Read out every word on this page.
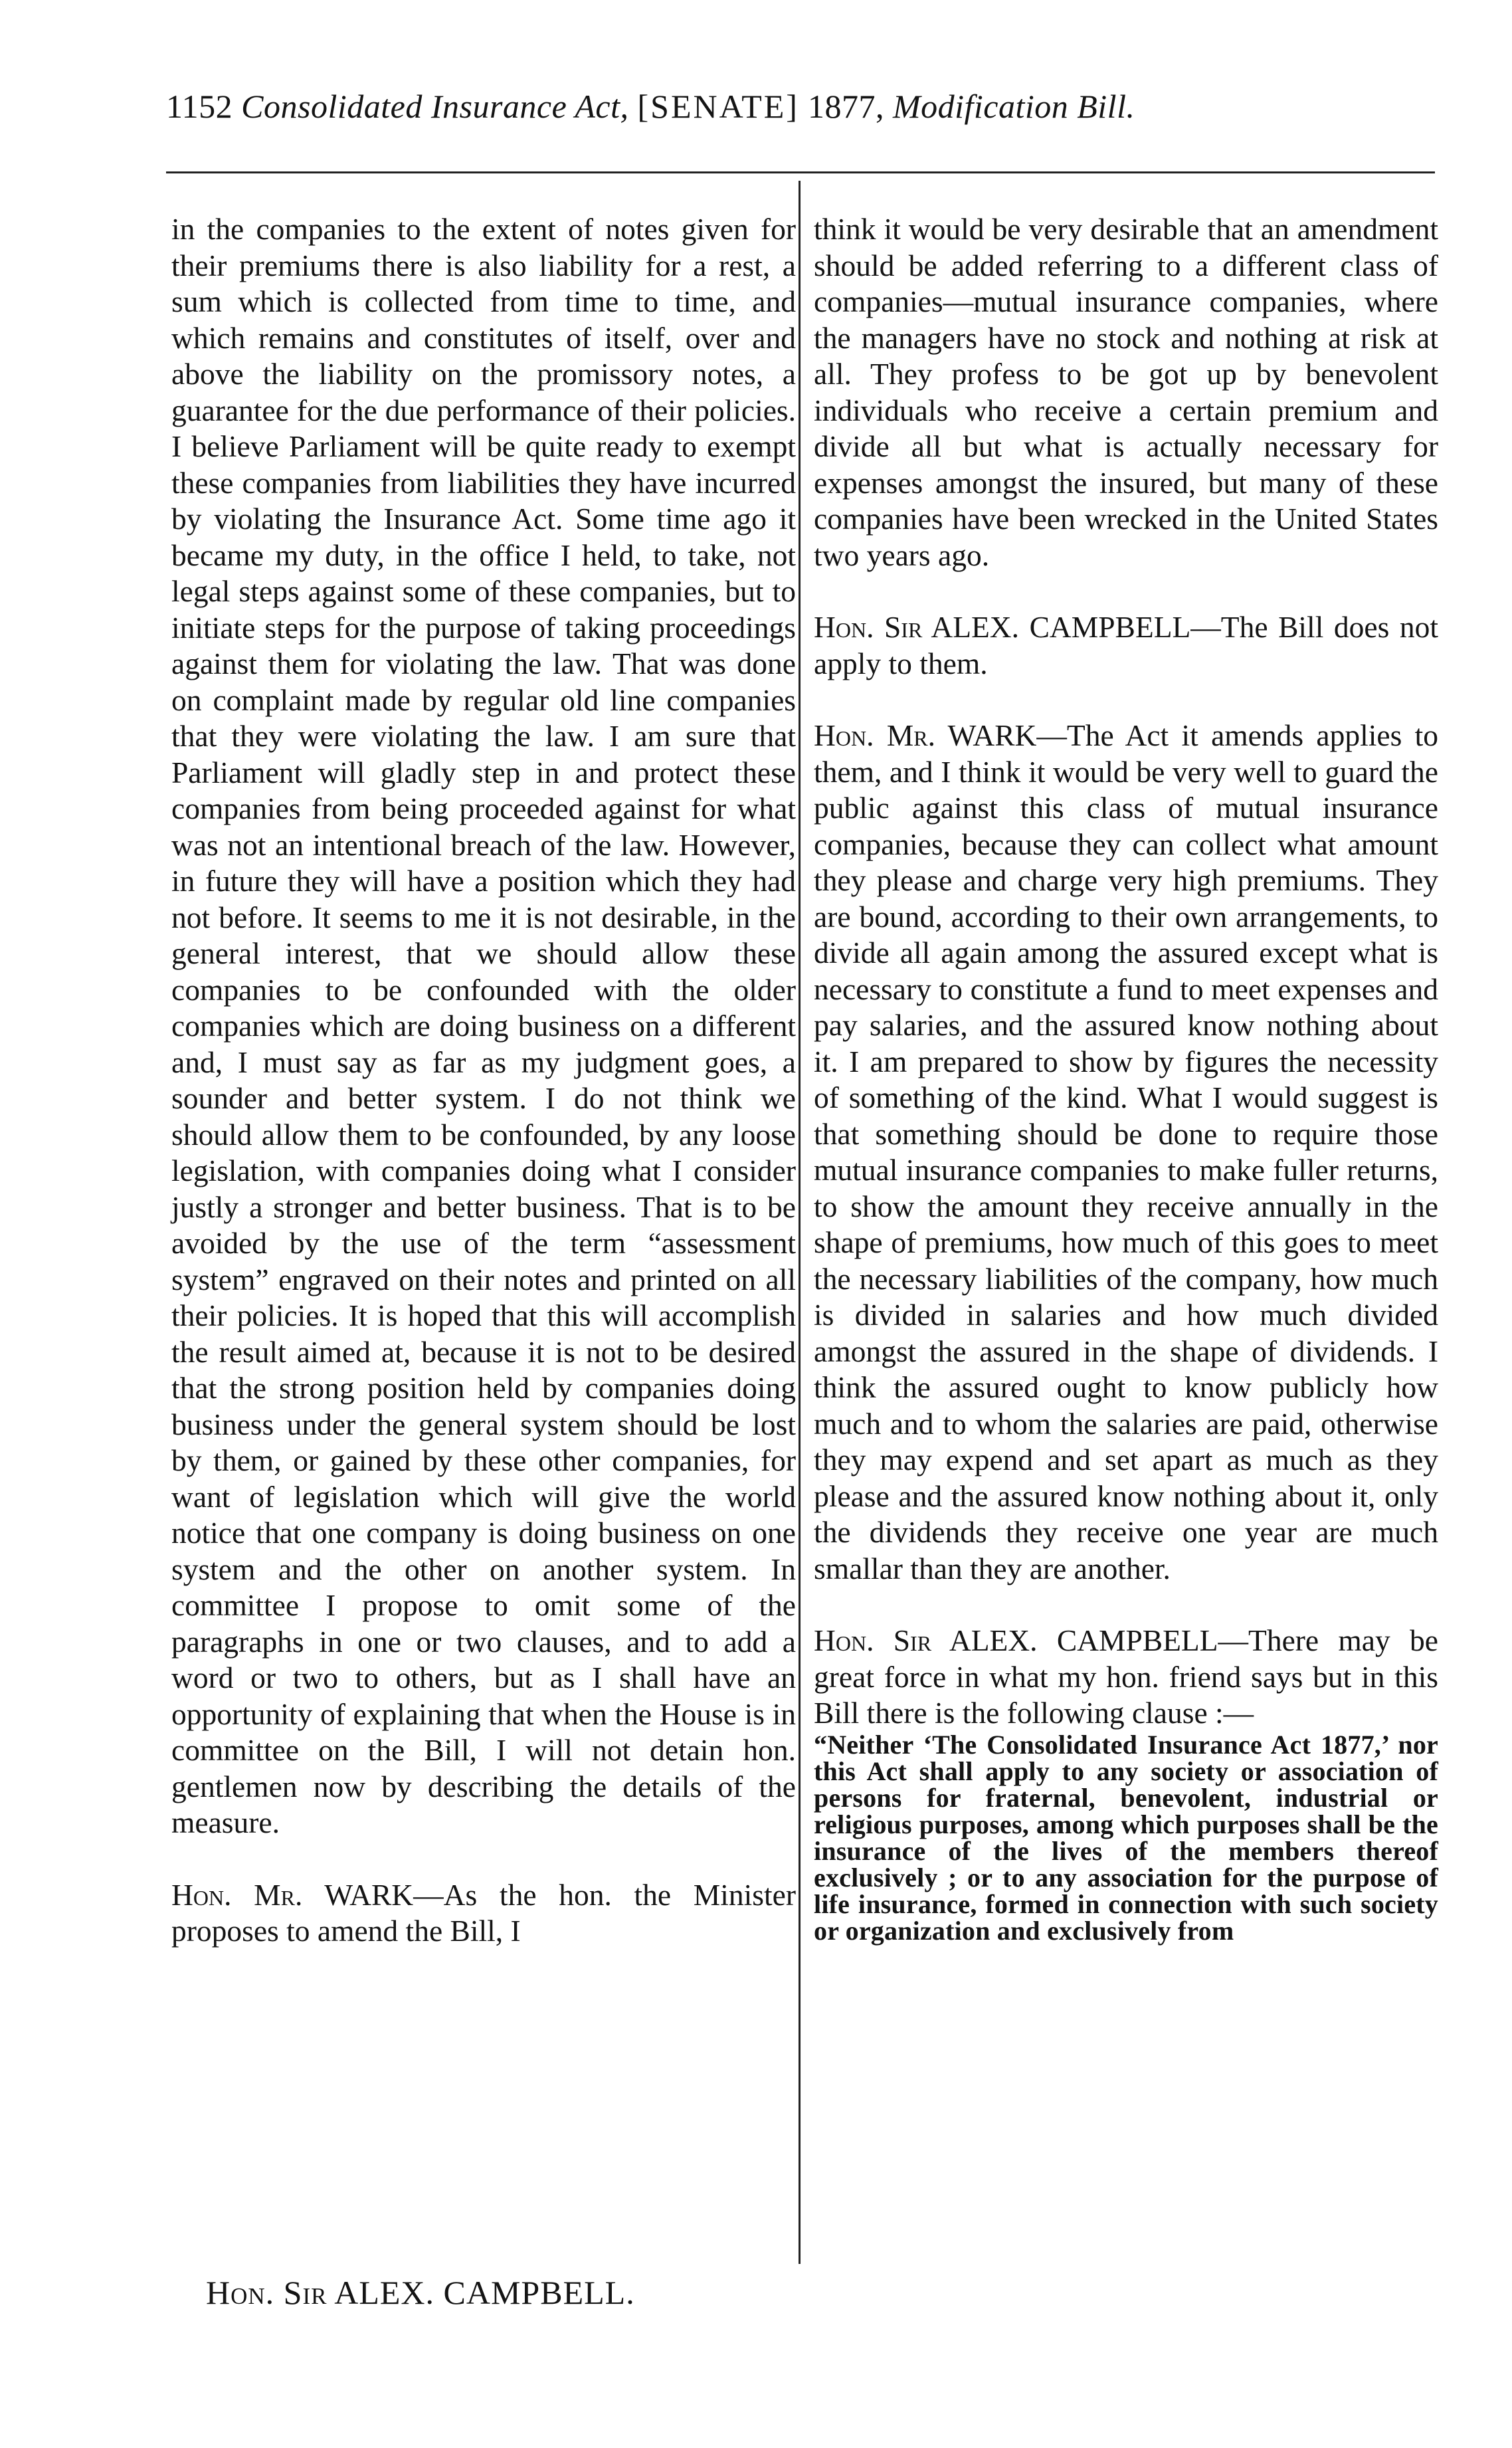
1152 Consolidated Insurance Act, [SENATE] 1877, Modification Bill.

in the companies to the extent of notes given for their premiums there is also liability for a rest, a sum which is collected from time to time, and which remains and constitutes of itself, over and above the liability on the promissory notes, a guarantee for the due performance of their policies. I believe Parliament will be quite ready to exempt these companies from liabilities they have incurred by violating the Insurance Act. Some time ago it became my duty, in the office I held, to take, not legal steps against some of these companies, but to initiate steps for the purpose of taking proceedings against them for violating the law. That was done on complaint made by regular old line companies that they were violating the law. I am sure that Parliament will gladly step in and protect these companies from being proceeded against for what was not an intentional breach of the law. However, in future they will have a position which they had not before. It seems to me it is not desirable, in the general interest, that we should allow these companies to be confounded with the older companies which are doing business on a different and, I must say as far as my judgment goes, a sounder and better system. I do not think we should allow them to be confounded, by any loose legislation, with companies doing what I consider justly a stronger and better business. That is to be avoided by the use of the term “assessment system” engraved on their notes and printed on all their policies. It is hoped that this will accomplish the result aimed at, because it is not to be desired that the strong position held by companies doing business under the general system should be lost by them, or gained by these other companies, for want of legislation which will give the world notice that one company is doing business on one system and the other on another system. In committee I propose to omit some of the paragraphs in one or two clauses, and to add a word or two to others, but as I shall have an opportunity of explaining that when the House is in committee on the Bill, I will not detain hon. gentlemen now by describing the details of the measure.

Hon. Mr. WARK—As the hon. the Minister proposes to amend the Bill, I

think it would be very desirable that an amendment should be added referring to a different class of companies—mutual insurance companies, where the managers have no stock and nothing at risk at all. They profess to be got up by benevolent individuals who receive a certain premium and divide all but what is actually necessary for expenses amongst the insured, but many of these companies have been wrecked in the United States two years ago.

Hon. Sir ALEX. CAMPBELL—The Bill does not apply to them.

Hon. Mr. WARK—The Act it amends applies to them, and I think it would be very well to guard the public against this class of mutual insurance companies, because they can collect what amount they please and charge very high premiums. They are bound, according to their own arrangements, to divide all again among the assured except what is necessary to constitute a fund to meet expenses and pay salaries, and the assured know nothing about it. I am prepared to show by figures the necessity of something of the kind. What I would suggest is that something should be done to require those mutual insurance companies to make fuller returns, to show the amount they receive annually in the shape of premiums, how much of this goes to meet the necessary liabilities of the company, how much is divided in salaries and how much divided amongst the assured in the shape of dividends. I think the assured ought to know publicly how much and to whom the salaries are paid, otherwise they may expend and set apart as much as they please and the assured know nothing about it, only the dividends they receive one year are much smallar than they are another.

Hon. Sir ALEX. CAMPBELL—There may be great force in what my hon. friend says but in this Bill there is the following clause :—

“Neither ‘The Consolidated Insurance Act 1877,’ nor this Act shall apply to any society or association of persons for fraternal, benevolent, industrial or religious purposes, among which purposes shall be the insurance of the lives of the members thereof exclusively ; or to any association for the purpose of life insurance, formed in connection with such society or organization and exclusively from

Hon. Sir ALEX. CAMPBELL.
